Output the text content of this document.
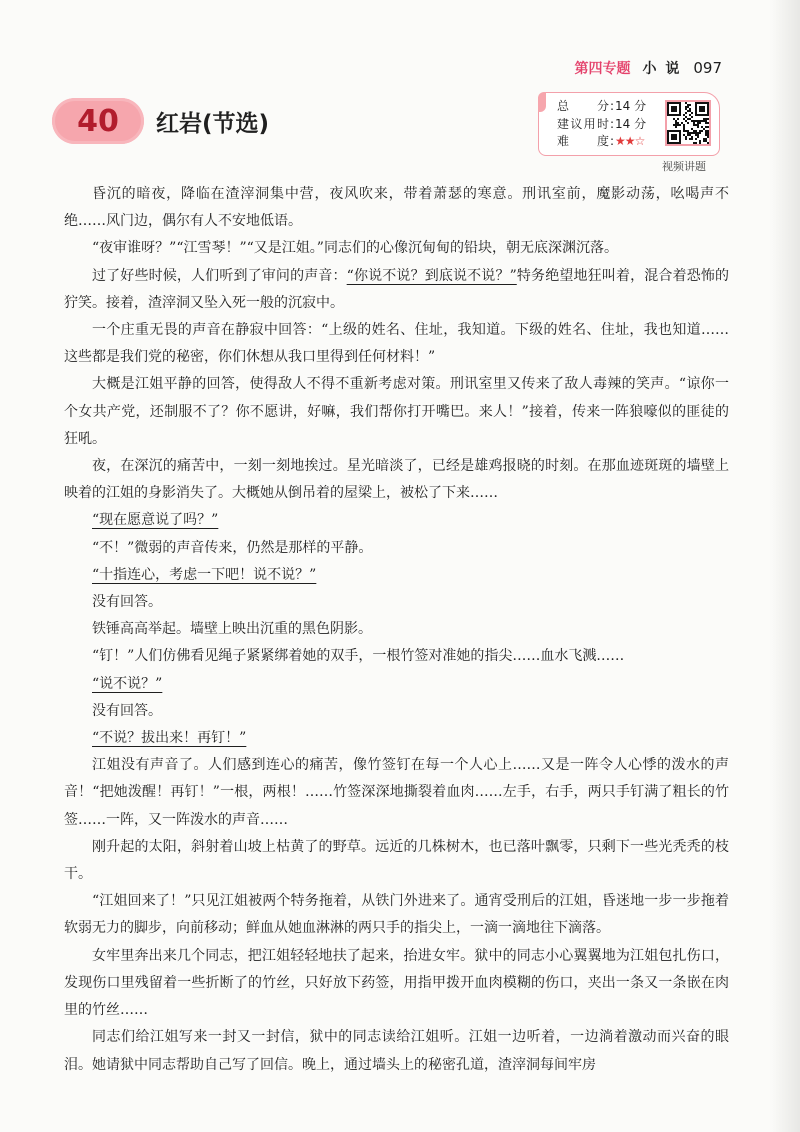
第四专题 小 说 097
40	红岩(节选)
总分 : 14 分
建议用时 : 14 分
难度 : ★★☆
视频讲题

昏沉的暗夜，降临在渣滓洞集中营，夜风吹来，带着萧瑟的寒意。刑讯室前，魔影动荡，吆喝声不绝……风门边，偶尔有人不安地低语。

“夜审谁呀？”“江雪琴！”“又是江姐。”同志们的心像沉甸甸的铅块，朝无底深渊沉落。

过了好些时候，人们听到了审问的声音：“你说不说？到底说不说？”特务绝望地狂叫着，混合着恐怖的狞笑。接着，渣滓洞又坠入死一般的沉寂中。

一个庄重无畏的声音在静寂中回答：“上级的姓名、住址，我知道。下级的姓名、住址，我也知道……这些都是我们党的秘密，你们休想从我口里得到任何材料！”

大概是江姐平静的回答，使得敌人不得不重新考虑对策。刑讯室里又传来了敌人毒辣的笑声。“谅你一个女共产党，还制服不了？你不愿讲，好嘛，我们帮你打开嘴巴。来人！”接着，传来一阵狼嚎似的匪徒的狂吼。

夜，在深沉的痛苦中，一刻一刻地挨过。星光暗淡了，已经是雄鸡报晓的时刻。在那血迹斑斑的墙壁上映着的江姐的身影消失了。大概她从倒吊着的屋梁上，被松了下来……

“现在愿意说了吗？”

“不！”微弱的声音传来，仍然是那样的平静。

“十指连心，考虑一下吧！说不说？”

没有回答。

铁锤高高举起。墙壁上映出沉重的黑色阴影。

“钉！”人们仿佛看见绳子紧紧绑着她的双手，一根竹签对准她的指尖……血水飞溅……

“说不说？”

没有回答。

“不说？拔出来！再钉！”

江姐没有声音了。人们感到连心的痛苦，像竹签钉在每一个人心上……又是一阵令人心悸的泼水的声音！“把她泼醒！再钉！”一根，两根！……竹签深深地撕裂着血肉……左手，右手，两只手钉满了粗长的竹签……一阵，又一阵泼水的声音……

刚升起的太阳，斜射着山坡上枯黄了的野草。远近的几株树木，也已落叶飘零，只剩下一些光秃秃的枝干。

“江姐回来了！”只见江姐被两个特务拖着，从铁门外进来了。通宵受刑后的江姐，昏迷地一步一步拖着软弱无力的脚步，向前移动；鲜血从她血淋淋的两只手的指尖上，一滴一滴地往下滴落。

女牢里奔出来几个同志，把江姐轻轻地扶了起来，抬进女牢。狱中的同志小心翼翼地为江姐包扎伤口，发现伤口里残留着一些折断了的竹丝，只好放下药签，用指甲拨开血肉模糊的伤口，夹出一条又一条嵌在肉里的竹丝……

同志们给江姐写来一封又一封信，狱中的同志读给江姐听。江姐一边听着，一边淌着激动而兴奋的眼泪。她请狱中同志帮助自己写了回信。晚上，通过墙头上的秘密孔道，渣滓洞每间牢房
